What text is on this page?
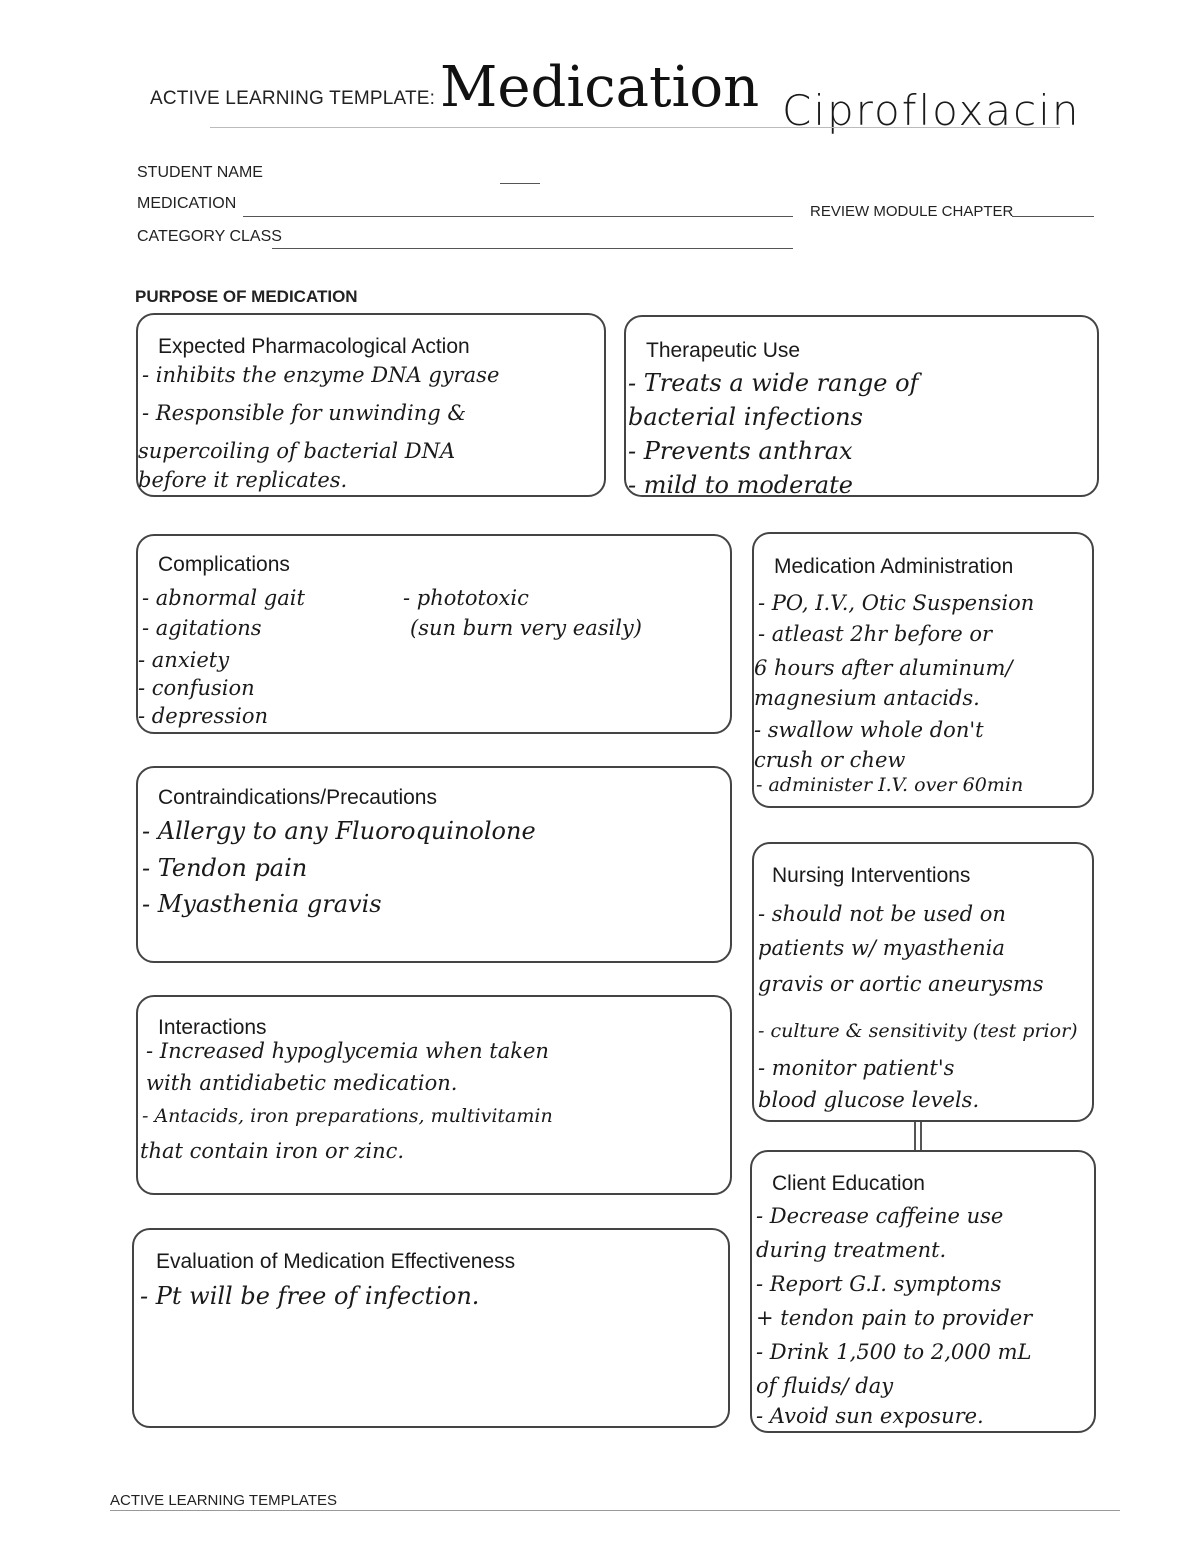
ACTIVE LEARNING TEMPLATE: Medication Ciprofloxacin
STUDENT NAME
MEDICATION	REVIEW MODULE CHAPTER
CATEGORY CLASS
PURPOSE OF MEDICATION
Expected Pharmacological Action
- inhibits the enzyme DNA gyrase
- Responsible for unwinding &
supercoiling of bacterial DNA
before it replicates.
Therapeutic Use
- Treats a wide range of
bacterial infections
- Prevents anthrax
- mild to moderate
Complications
- abnormal gait
- agitations
- anxiety
- confusion
- depression
- phototoxic
(sun burn very easily)
Medication Administration
- PO, I.V., Otic Suspension
- atleast 2hr before or
6 hours after aluminum/
magnesium antacids.
- swallow whole don't
crush or chew
- administer I.V. over 60min
Contraindications/Precautions
- Allergy to any Fluoroquinolone
- Tendon pain
- Myasthenia gravis
Nursing Interventions
- should not be used on
patients w/ myasthenia
gravis or aortic aneurysms
- culture & sensitivity (test prior)
- monitor patient's
blood glucose levels.
Interactions
- Increased hypoglycemia when taken
with antidiabetic medication.
- Antacids, iron preparations, multivitamin
that contain iron or zinc.
Client Education
- Decrease caffeine use
during treatment.
- Report G.I. symptoms
+ tendon pain to provider
- Drink 1,500 to 2,000 mL
of fluids/ day
- Avoid sun exposure.
Evaluation of Medication Effectiveness
- Pt will be free of infection.
ACTIVE LEARNING TEMPLATES
